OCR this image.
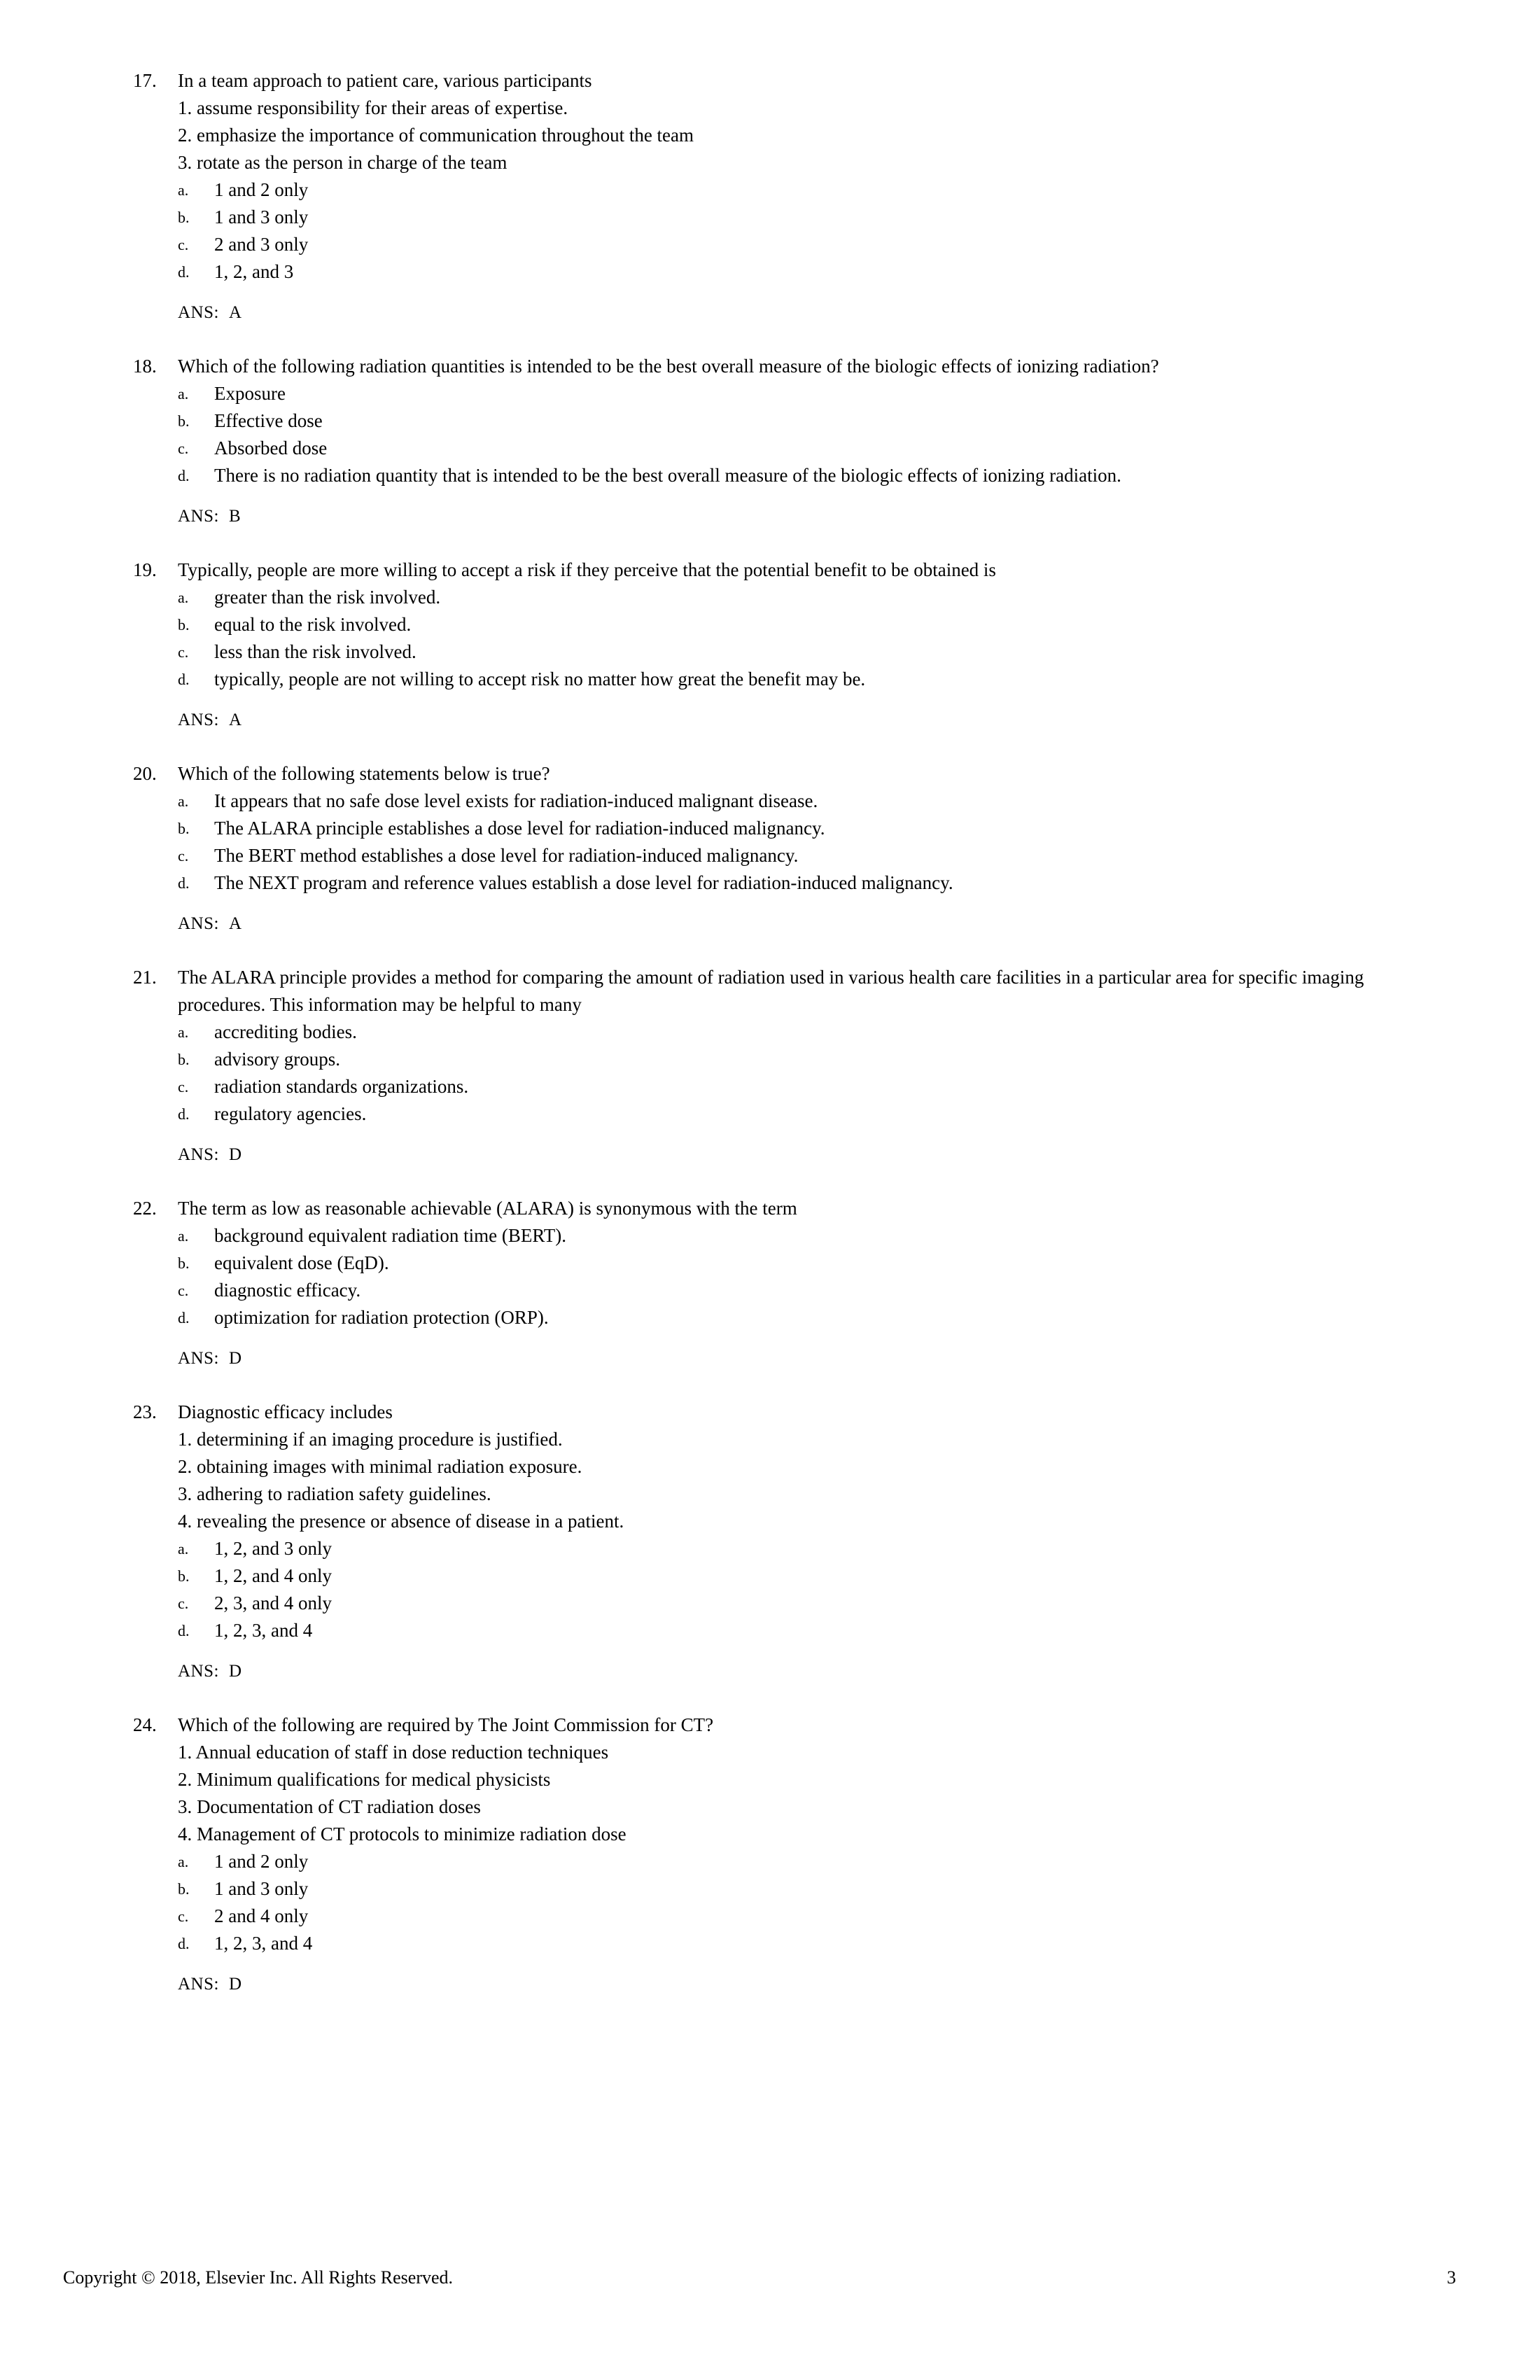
17.	In a team approach to patient care, various participants
1. assume responsibility for their areas of expertise.
2. emphasize the importance of communication throughout the team
3. rotate as the person in charge of the team
a.	1 and 2 only
b.	1 and 3 only
c.	2 and 3 only
d.	1, 2, and 3
ANS: A
18.	Which of the following radiation quantities is intended to be the best overall measure of the biologic effects of ionizing radiation?
a.	Exposure
b.	Effective dose
c.	Absorbed dose
d.	There is no radiation quantity that is intended to be the best overall measure of the biologic effects of ionizing radiation.
ANS: B
19.	Typically, people are more willing to accept a risk if they perceive that the potential benefit to be obtained is
a.	greater than the risk involved.
b.	equal to the risk involved.
c.	less than the risk involved.
d.	typically, people are not willing to accept risk no matter how great the benefit may be.
ANS: A
20.	Which of the following statements below is true?
a.	It appears that no safe dose level exists for radiation-induced malignant disease.
b.	The ALARA principle establishes a dose level for radiation-induced malignancy.
c.	The BERT method establishes a dose level for radiation-induced malignancy.
d.	The NEXT program and reference values establish a dose level for radiation-induced malignancy.
ANS: A
21.	The ALARA principle provides a method for comparing the amount of radiation used in various health care facilities in a particular area for specific imaging procedures. This information may be helpful to many
a.	accrediting bodies.
b.	advisory groups.
c.	radiation standards organizations.
d.	regulatory agencies.
ANS: D
22.	The term as low as reasonable achievable (ALARA) is synonymous with the term
a.	background equivalent radiation time (BERT).
b.	equivalent dose (EqD).
c.	diagnostic efficacy.
d.	optimization for radiation protection (ORP).
ANS: D
23.	Diagnostic efficacy includes
1. determining if an imaging procedure is justified.
2. obtaining images with minimal radiation exposure.
3. adhering to radiation safety guidelines.
4. revealing the presence or absence of disease in a patient.
a.	1, 2, and 3 only
b.	1, 2, and 4 only
c.	2, 3, and 4 only
d.	1, 2, 3, and 4
ANS: D
24.	Which of the following are required by The Joint Commission for CT?
1. Annual education of staff in dose reduction techniques
2. Minimum qualifications for medical physicists
3. Documentation of CT radiation doses
4. Management of CT protocols to minimize radiation dose
a.	1 and 2 only
b.	1 and 3 only
c.	2 and 4 only
d.	1, 2, 3, and 4
ANS: D
Copyright © 2018, Elsevier Inc. All Rights Reserved.	3
